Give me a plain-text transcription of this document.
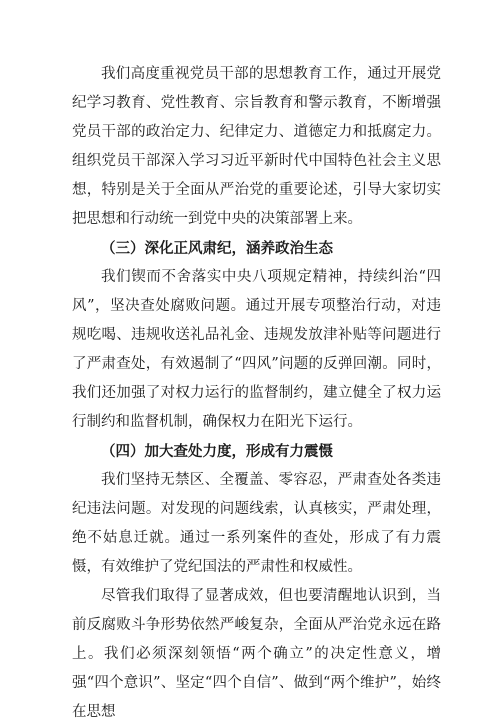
我们高度重视党员干部的思想教育工作，通过开展党纪学习教育、党性教育、宗旨教育和警示教育，不断增强党员干部的政治定力、纪律定力、道德定力和抵腐定力。组织党员干部深入学习习近平新时代中国特色社会主义思想，特别是关于全面从严治党的重要论述，引导大家切实把思想和行动统一到党中央的决策部署上来。

（三）深化正风肃纪，涵养政治生态

我们锲而不舍落实中央八项规定精神，持续纠治“四风”，坚决查处腐败问题。通过开展专项整治行动，对违规吃喝、违规收送礼品礼金、违规发放津补贴等问题进行了严肃查处，有效遏制了“四风”问题的反弹回潮。同时，我们还加强了对权力运行的监督制约，建立健全了权力运行制约和监督机制，确保权力在阳光下运行。

（四）加大查处力度，形成有力震慑

我们坚持无禁区、全覆盖、零容忍，严肃查处各类违纪违法问题。对发现的问题线索，认真核实，严肃处理，绝不姑息迁就。通过一系列案件的查处，形成了有力震慑，有效维护了党纪国法的严肃性和权威性。

尽管我们取得了显著成效，但也要清醒地认识到，当前反腐败斗争形势依然严峻复杂，全面从严治党永远在路上。我们必须深刻领悟“两个确立”的决定性意义，增强“四个意识”、坚定“四个自信”、做到“两个维护”，始终在思想
